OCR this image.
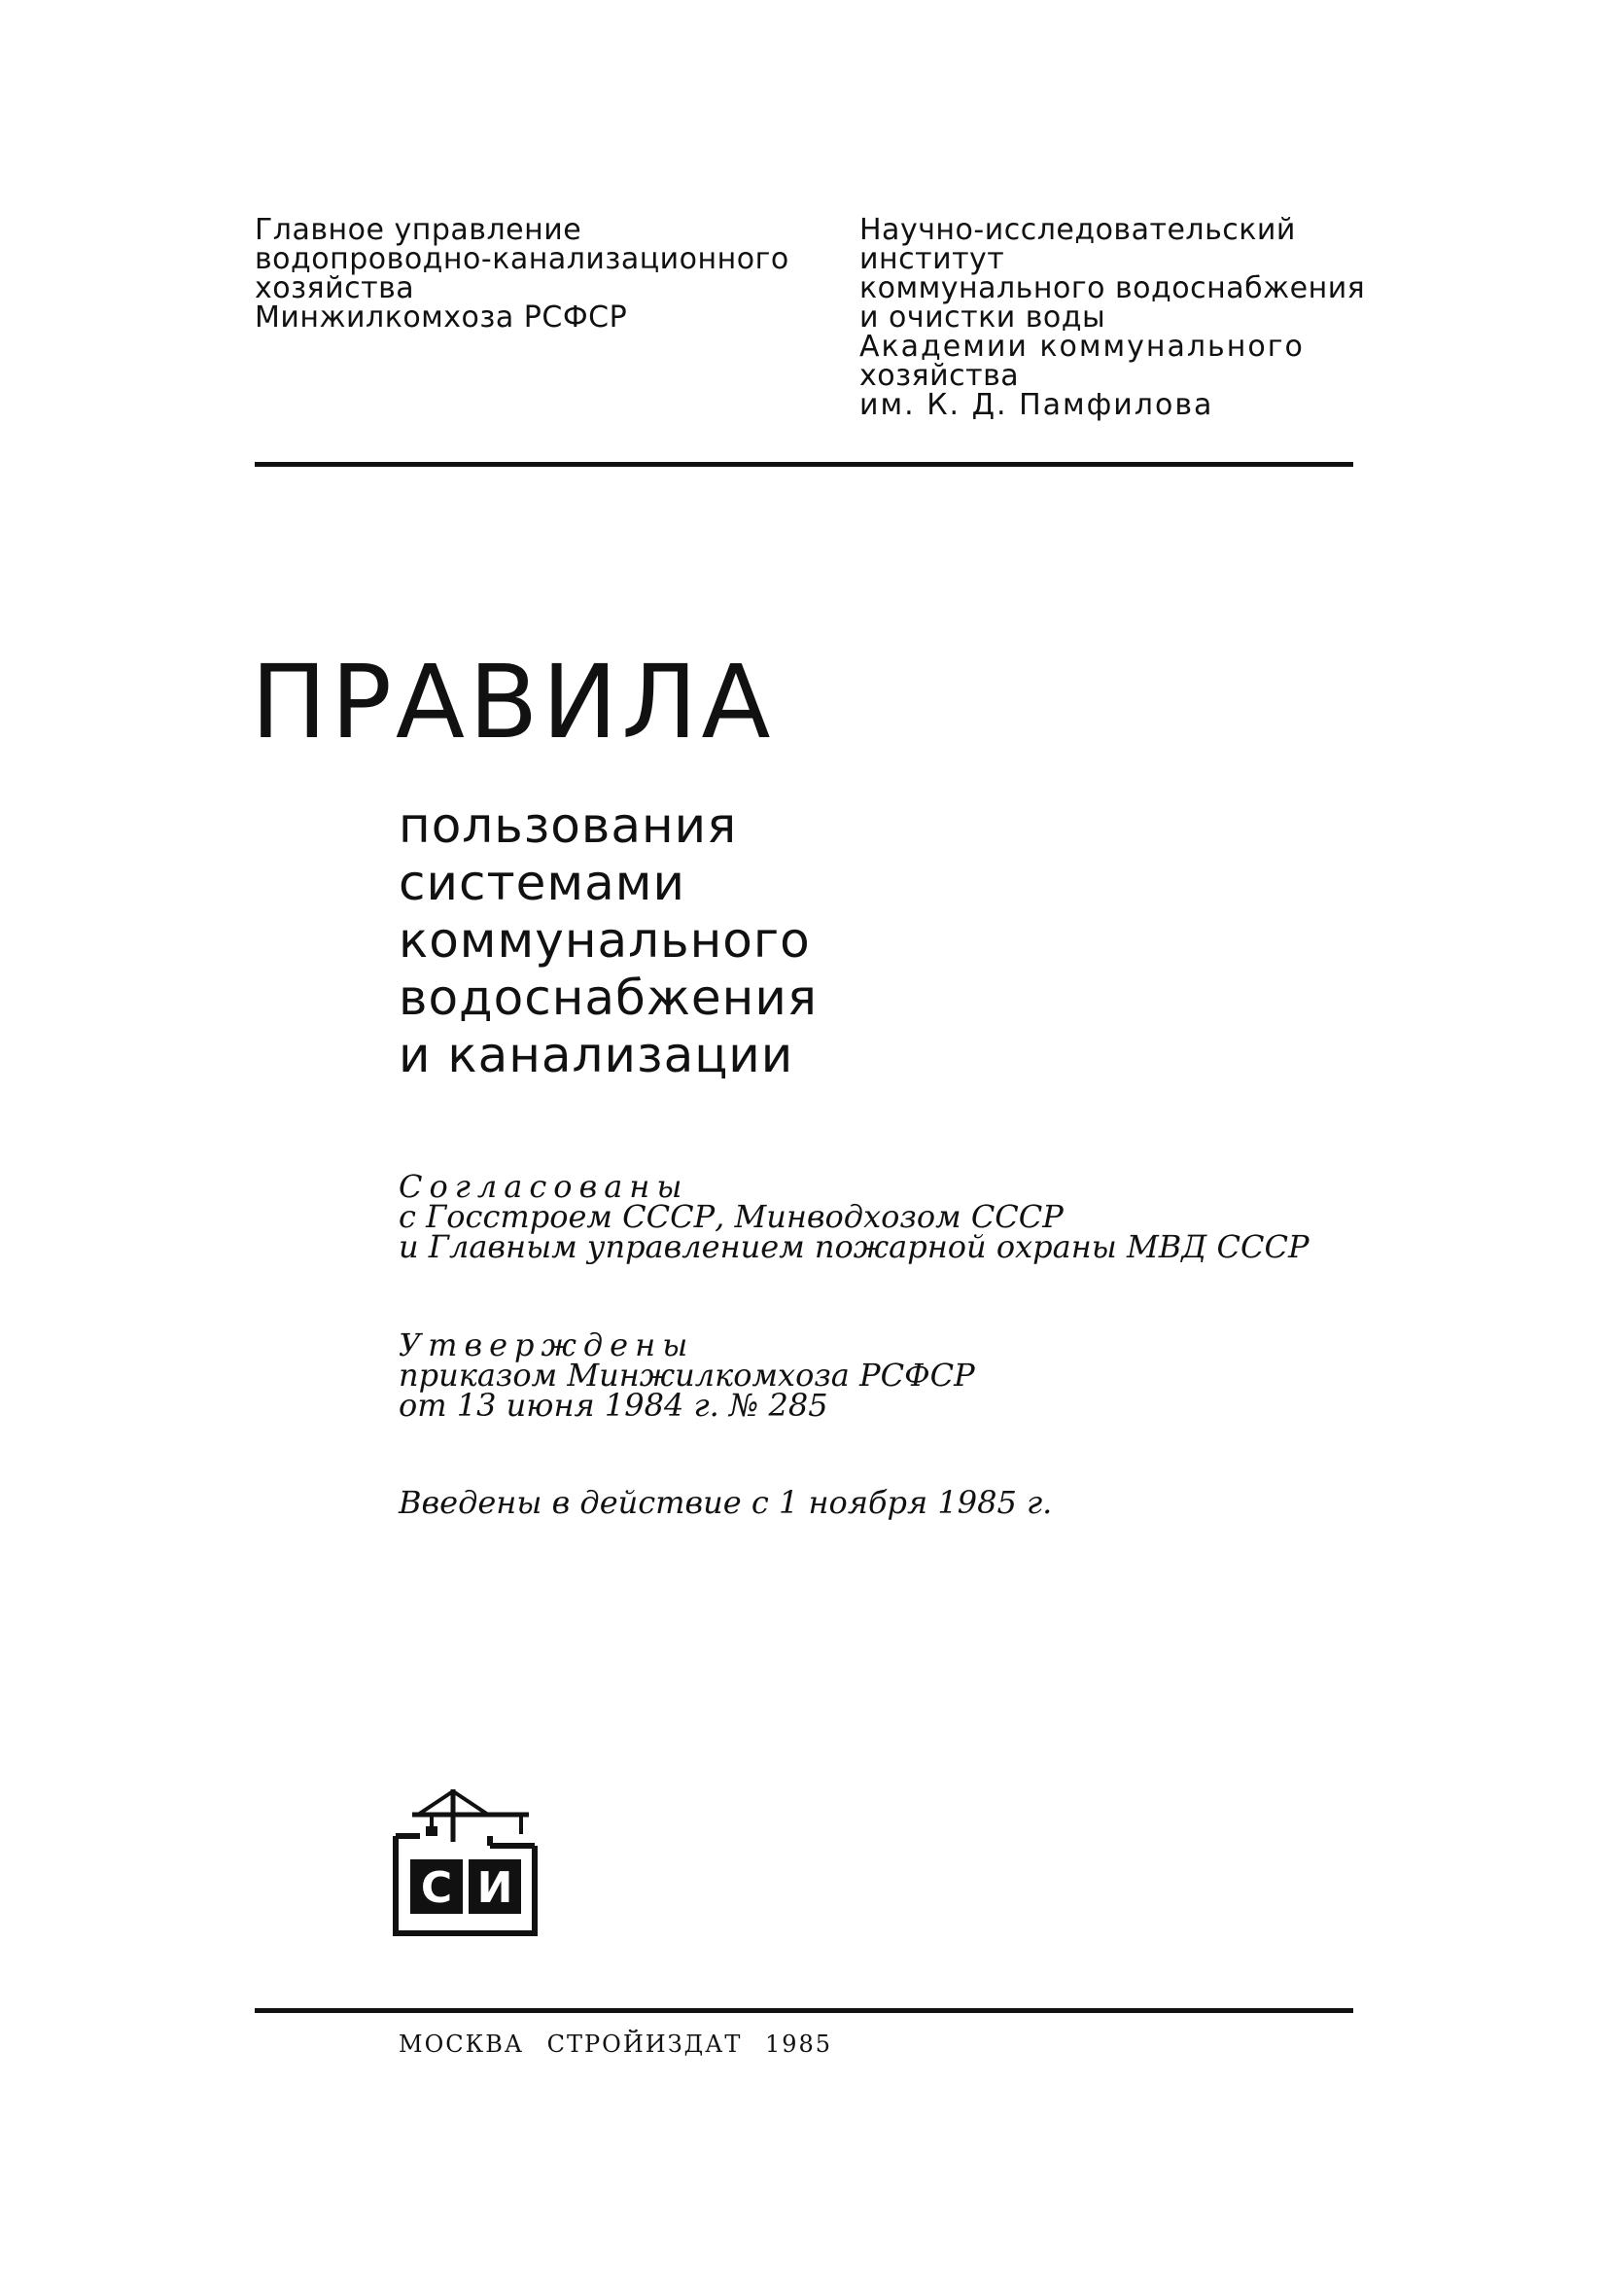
Главное управление
водопроводно-канализационного
хозяйства
Минжилкомхоза РСФСР
Научно-исследовательский
институт
коммунального водоснабжения
и очистки воды
Академии коммунального
хозяйства
им. К. Д. Памфилова
ПРАВИЛА
пользования
системами
коммунального
водоснабжения
и канализации
Согласованы
с Госстроем СССР, Минводхозом СССР
и Главным управлением пожарной охраны МВД СССР
Утверждены
приказом Минжилкомхоза РСФСР
от 13 июня 1984 г. № 285
Введены в действие с 1 ноября 1985 г.
С И
МОСКВА СТРОЙИЗДАТ 1985
